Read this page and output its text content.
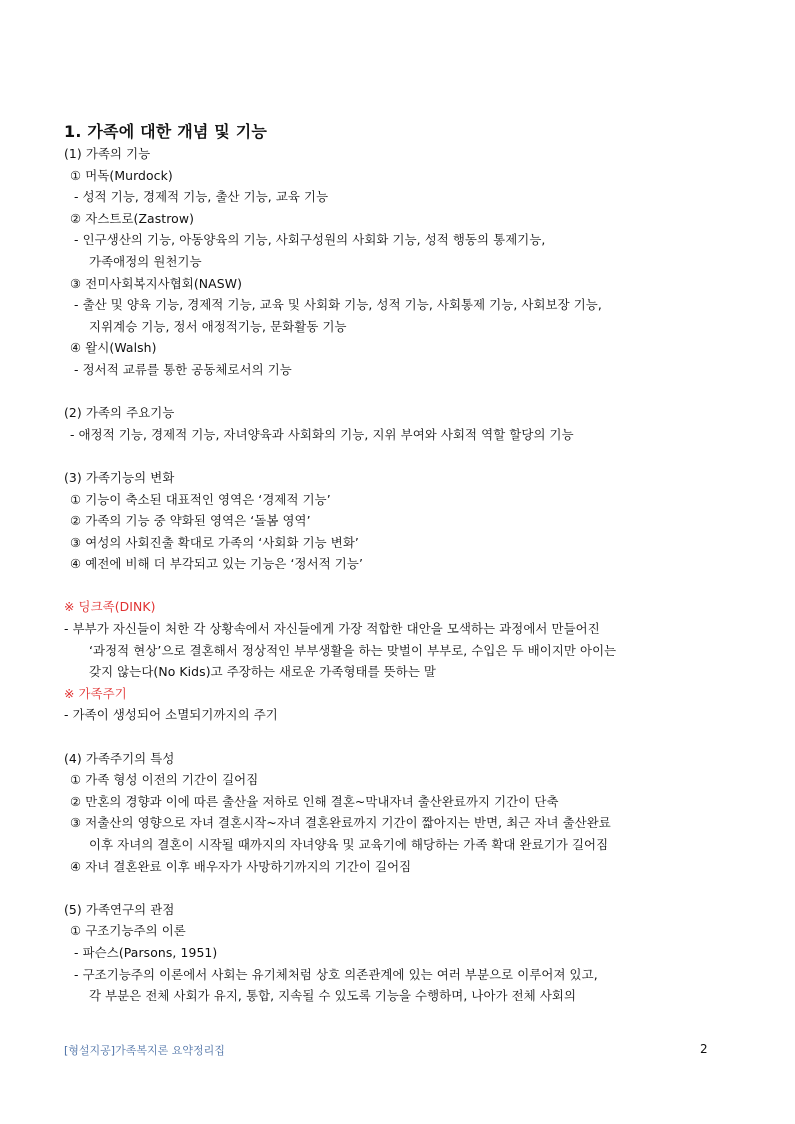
1. 가족에 대한 개념 및 기능
(1) 가족의 기능
① 머독(Murdock)
- 성적 기능, 경제적 기능, 출산 기능, 교육 기능
② 자스트로(Zastrow)
- 인구생산의 기능, 아동양육의 기능, 사회구성원의 사회화 기능, 성적 행동의 통제기능,
가족애정의 원천기능
③ 전미사회복지사협회(NASW)
- 출산 및 양육 기능, 경제적 기능, 교육 및 사회화 기능, 성적 기능, 사회통제 기능, 사회보장 기능,
지위계승 기능, 정서 애정적기능, 문화활동 기능
④ 왈시(Walsh)
- 정서적 교류를 통한 공동체로서의 기능
(2) 가족의 주요기능
- 애정적 기능, 경제적 기능, 자녀양육과 사회화의 기능, 지위 부여와 사회적 역할 할당의 기능
(3) 가족기능의 변화
① 기능이 축소된 대표적인 영역은 ‘경제적 기능’
② 가족의 기능 중 약화된 영역은 ‘돌봄 영역’
③ 여성의 사회진출 확대로 가족의 ‘사회화 기능 변화’
④ 예전에 비해 더 부각되고 있는 기능은 ‘정서적 기능’
※ 딩크족(DINK)
- 부부가 자신들이 처한 각 상황속에서 자신들에게 가장 적합한 대안을 모색하는 과정에서 만들어진
‘과정적 현상’으로 결혼해서 정상적인 부부생활을 하는 맞벌이 부부로, 수입은 두 배이지만 아이는
갖지 않는다(No Kids)고 주장하는 새로운 가족형태를 뜻하는 말
※ 가족주기
- 가족이 생성되어 소멸되기까지의 주기
(4) 가족주기의 특성
① 가족 형성 이전의 기간이 길어짐
② 만혼의 경향과 이에 따른 출산율 저하로 인해 결혼~막내자녀 출산완료까지 기간이 단축
③ 저출산의 영향으로 자녀 결혼시작~자녀 결혼완료까지 기간이 짧아지는 반면, 최근 자녀 출산완료
이후 자녀의 결혼이 시작될 때까지의 자녀양육 및 교육기에 해당하는 가족 확대 완료기가 길어짐
④ 자녀 결혼완료 이후 배우자가 사망하기까지의 기간이 길어짐
(5) 가족연구의 관점
① 구조기능주의 이론
- 파슨스(Parsons, 1951)
- 구조기능주의 이론에서 사회는 유기체처럼 상호 의존관계에 있는 여러 부분으로 이루어져 있고,
각 부분은 전체 사회가 유지, 통합, 지속될 수 있도록 기능을 수행하며, 나아가 전체 사회의
[형설지공]가족복지론 요약정리집	2
